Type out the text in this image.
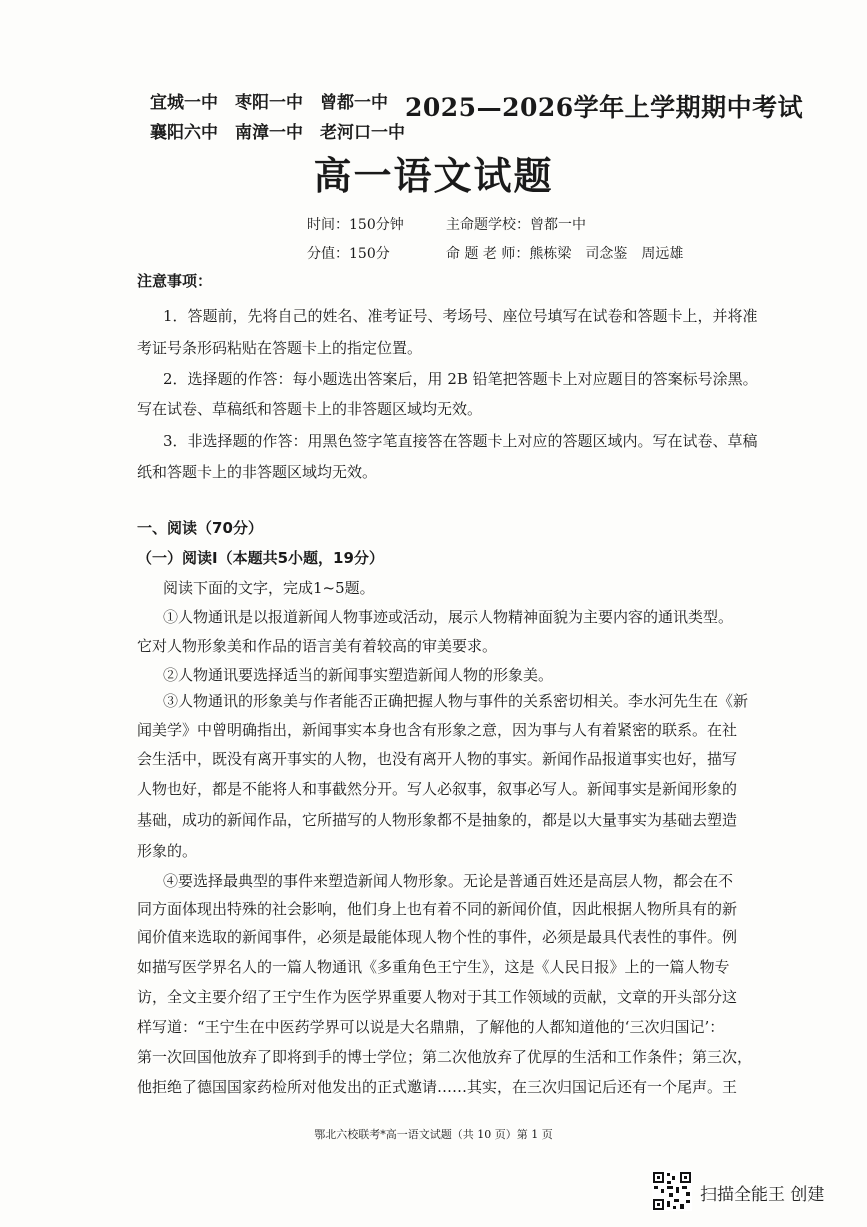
宜城一中　枣阳一中　曾都一中
襄阳六中　南漳一中　老河口一中
2025—2026学年上学期期中考试
高一语文试题
时间：150分钟	主命题学校：曾都一中
分值：150分	命 题 老 师：熊栋梁　司念鉴　周远雄
注意事项：
1．答题前，先将自己的姓名、准考证号、考场号、座位号填写在试卷和答题卡上，并将准
考证号条形码粘贴在答题卡上的指定位置。
2．选择题的作答：每小题选出答案后，用 2B 铅笔把答题卡上对应题目的答案标号涂黑。
写在试卷、草稿纸和答题卡上的非答题区域均无效。
3．非选择题的作答：用黑色签字笔直接答在答题卡上对应的答题区域内。写在试卷、草稿
纸和答题卡上的非答题区域均无效。
一、阅读（70分）
（一）阅读Ⅰ（本题共5小题，19分）
阅读下面的文字，完成1~5题。
①人物通讯是以报道新闻人物事迹或活动，展示人物精神面貌为主要内容的通讯类型。
它对人物形象美和作品的语言美有着较高的审美要求。
②人物通讯要选择适当的新闻事实塑造新闻人物的形象美。
③人物通讯的形象美与作者能否正确把握人物与事件的关系密切相关。李水河先生在《新
闻美学》中曾明确指出，新闻事实本身也含有形象之意，因为事与人有着紧密的联系。在社
会生活中，既没有离开事实的人物，也没有离开人物的事实。新闻作品报道事实也好，描写
人物也好，都是不能将人和事截然分开。写人必叙事，叙事必写人。新闻事实是新闻形象的
基础，成功的新闻作品，它所描写的人物形象都不是抽象的，都是以大量事实为基础去塑造
形象的。
④要选择最典型的事件来塑造新闻人物形象。无论是普通百姓还是高层人物，都会在不
同方面体现出特殊的社会影响，他们身上也有着不同的新闻价值，因此根据人物所具有的新
闻价值来选取的新闻事件，必须是最能体现人物个性的事件，必须是最具代表性的事件。例
如描写医学界名人的一篇人物通讯《多重角色王宁生》，这是《人民日报》上的一篇人物专
访，全文主要介绍了王宁生作为医学界重要人物对于其工作领域的贡献，文章的开头部分这
样写道：“王宁生在中医药学界可以说是大名鼎鼎，了解他的人都知道他的‘三次归国记’：
第一次回国他放弃了即将到手的博士学位；第二次他放弃了优厚的生活和工作条件；第三次，
他拒绝了德国国家药检所对他发出的正式邀请……其实，在三次归国记后还有一个尾声。王
鄂北六校联考*高一语文试题（共 10 页）第 1 页
扫描全能王 创建
